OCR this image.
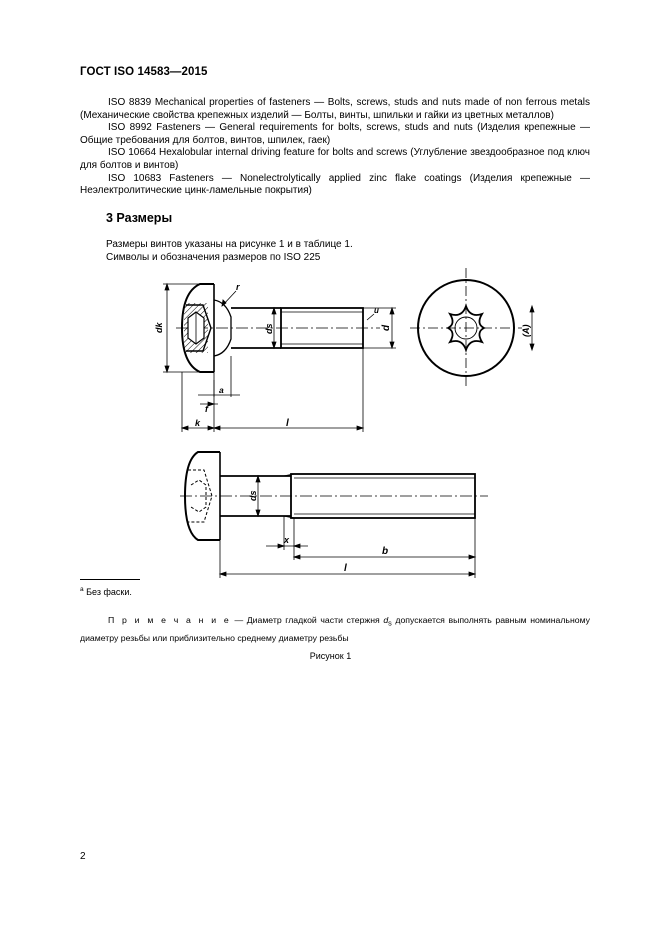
ГОСТ ISO 14583—2015

ISO 8839 Mechanical properties of fasteners — Bolts, screws, studs and nuts made of non ferrous metals (Механические свойства крепежных изделий — Болты, винты, шпильки и гайки из цветных металлов)

ISO 8992 Fasteners — General requirements for bolts, screws, studs and nuts (Изделия крепежные — Общие требования для болтов, винтов, шпилек, гаек)

ISO 10664 Hexalobular internal driving feature for bolts and screws (Углубление звездообразное под ключ для болтов и винтов)

ISO 10683 Fasteners — Nonelectrolytically applied zinc flake coatings (Изделия крепежные — Неэлектролитические цинк-ламельные покрытия)

3 Размеры

Размеры винтов указаны на рисунке 1 и в таблице 1.

Символы и обозначения размеров по ISO 225

dk	ds	d	(A)
r
u
a
f
k	l
ds
x
b
l
$^a$ Без фаски.
П р и м е ч а н и е — Диаметр гладкой части стержня $d_s$ допускается выполнять равным номинальному диаметру резьбы или приблизительно среднему диаметру резьбы
Рисунок 1
2
